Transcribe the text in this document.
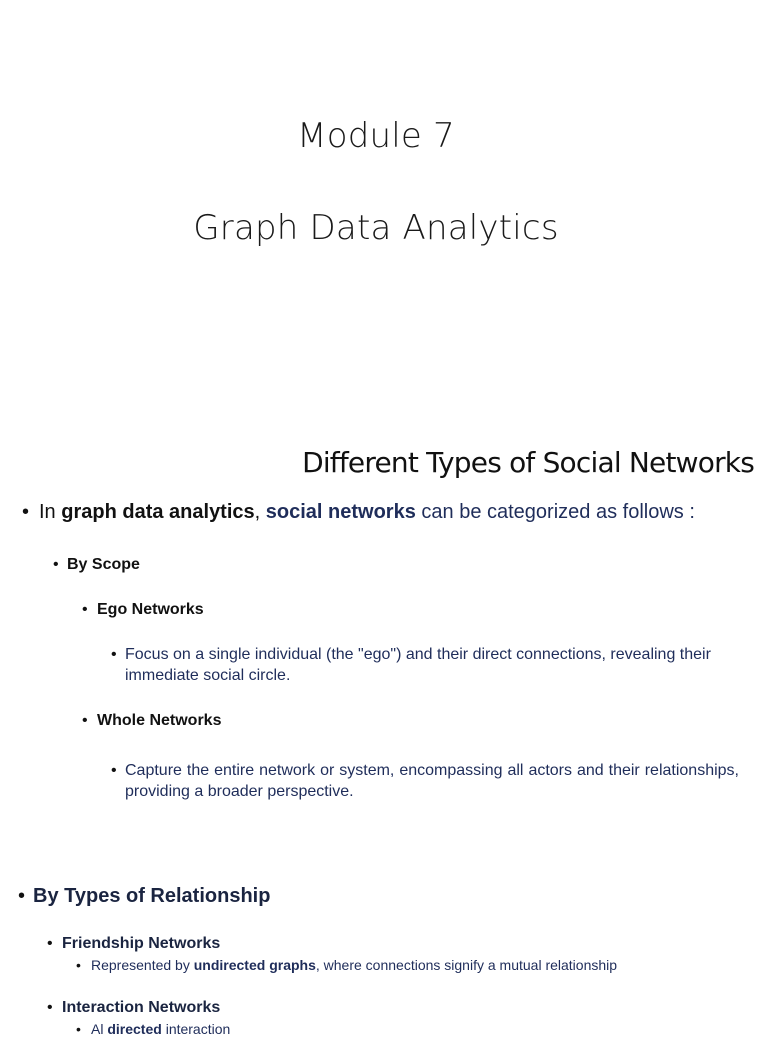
Module 7
Graph Data Analytics
Different Types of Social Networks
• In graph data analytics, social networks can be categorized as follows :
• By Scope
• Ego Networks
• Focus on a single individual (the "ego") and their direct connections, revealing their immediate social circle.
• Whole Networks
• Capture the entire network or system, encompassing all actors and their relationships, providing a broader perspective.
• By Types of Relationship
• Friendship Networks
• Represented by undirected graphs, where connections signify a mutual relationship
• Interaction Networks
• Al directed interaction
